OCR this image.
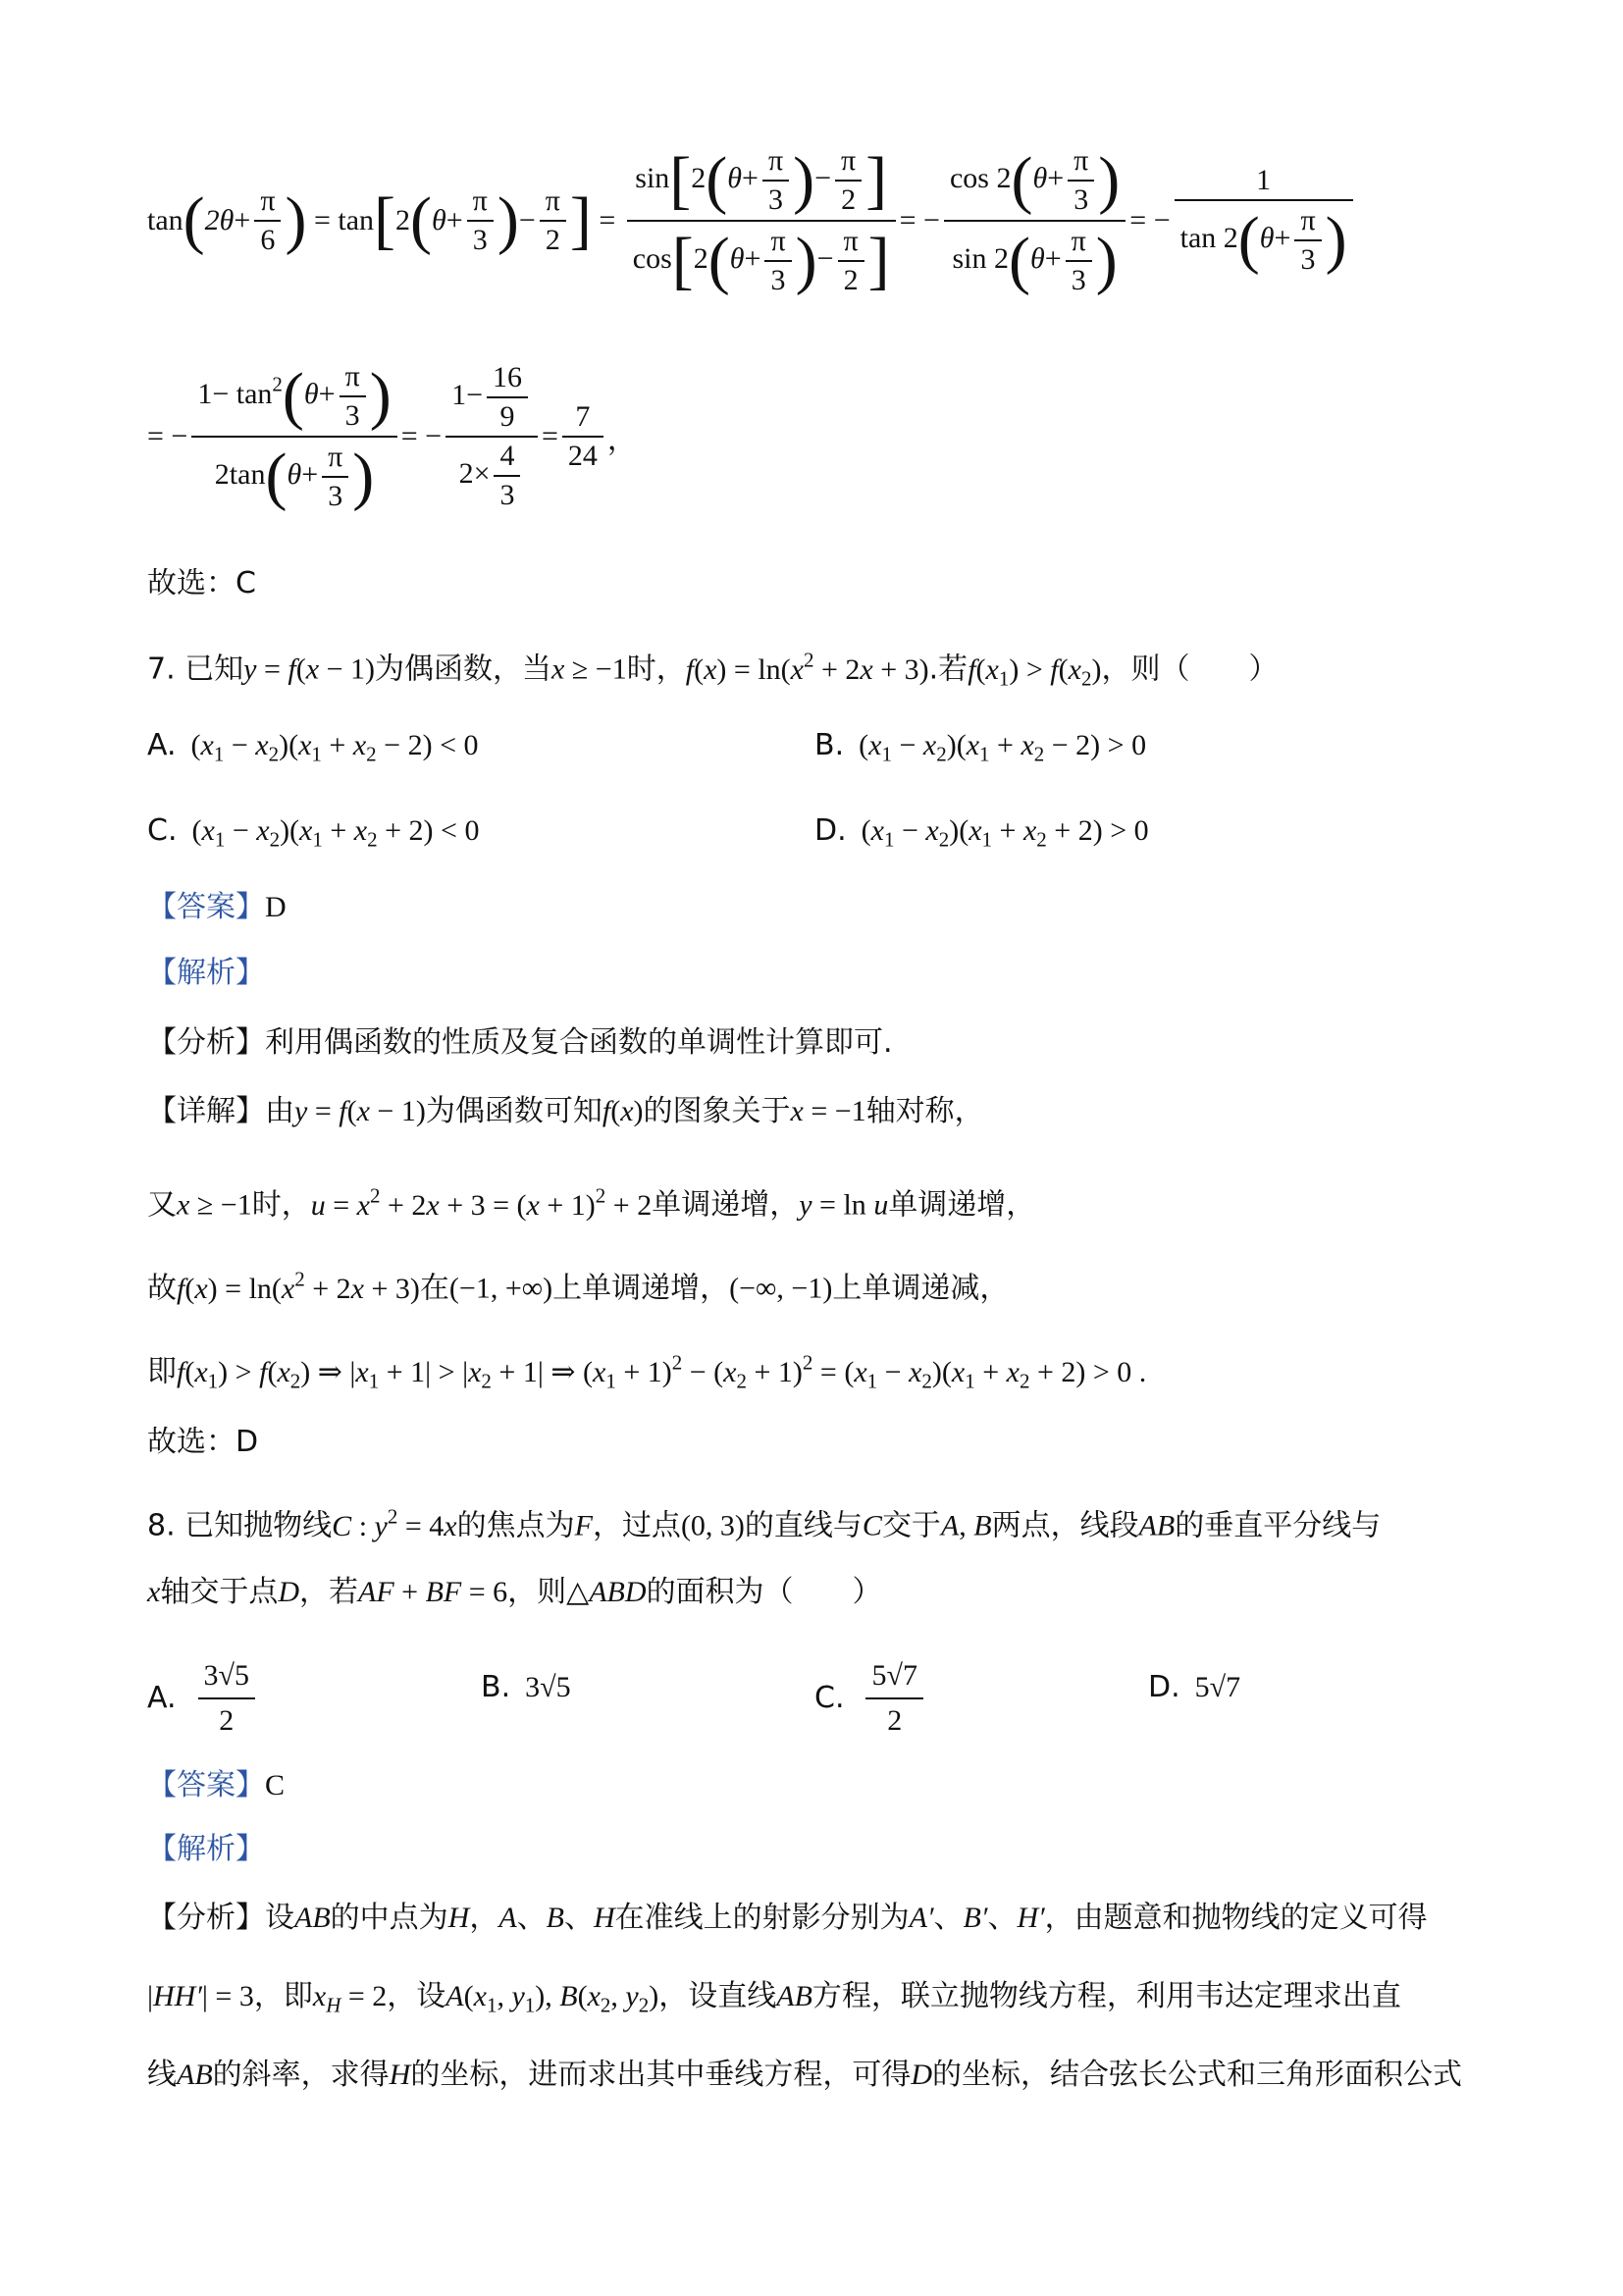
tan ( $2\theta+ \frac{\pi}{6}$ ) = tan [ 2 ( $\theta + \frac{\pi}{3}$ ) − $\frac{\pi}{2}$ ] = $\frac{\sin[2(\theta+ \frac{\pi}{3} )- \frac{\pi}{2} ]}{\cos[2(\theta+ \frac{\pi}{3} )- \frac{\pi}{2} ]}$ = − $\frac{\cos 2(\theta+ \frac{\pi}{3} )}{\sin 2(\theta+ \frac{\pi}{3} )}$ = − $\frac{1}{\tan 2(\theta+ \frac{\pi}{3} )}$
= − $\frac{1- \tan^2(\theta+ \frac{\pi}{3} )}{2\tan(\theta+ \frac{\pi}{3} )}$ = − $\frac{1- \frac{16}{9}}{2\times \frac{4}{3}} = \frac{7}{24}$ ，
故选：C
7. 已知y = f(x − 1)为偶函数，当x ≥ −1时，$f(x) = \ln(x^2 + 2x + 3)$.若$f(x_1) > f(x_2)$，则（　　）
A.  $(x_1 - x_2)(x_1 + x_2 - 2) < 0$	B.  $(x_1 - x_2)(x_1 + x_2 - 2) > 0$
C.  $(x_1 - x_2)(x_1 + x_2 + 2) < 0$	D.  $(x_1 - x_2)(x_1 + x_2 + 2) > 0$
【答案】D
【解析】
【分析】利用偶函数的性质及复合函数的单调性计算即可.
【详解】由y = f(x − 1)为偶函数可知f(x)的图象关于x = −1轴对称，
又x ≥ −1时，$u = x^2 + 2x + 3 = (x + 1)^2 + 2$单调递增，y = ln u单调递增，
故$f(x) = \ln(x^2 + 2x + 3)$在(−1, +∞)上单调递增，(−∞, −1)上单调递减，
即$f(x_1) > f(x_2)$ ⇒ $|x_1 + 1| > |x_2 + 1|$ ⇒ $(x_1 + 1)^2 - (x_2 + 1)^2 = (x_1 - x_2)(x_1 + x_2 + 2) > 0$ .
故选：D
8. 已知抛物线C : $y^2 = 4x$的焦点为F，过点(0, 3)的直线与C交于A, B两点，线段AB的垂直平分线与
x轴交于点D，若AF + BF = 6，则△ABD的面积为（　　）
A. $\frac{3√5}{2}$	B.  3√5	C. $\frac{5√7}{2}$	D.  5√7
【答案】C
【解析】
【分析】设AB的中点为H，A、B、H在准线上的射影分别为A′、B′、H′，由题意和抛物线的定义可得
|HH′| = 3，即$x_H = 2$，设$A(x_1$, $y_1$), $B(x_2$, $y_2$)，设直线AB方程，联立抛物线方程，利用韦达定理求出直
线AB的斜率，求得H的坐标，进而求出其中垂线方程，可得D的坐标，结合弦长公式和三角形面积公式
